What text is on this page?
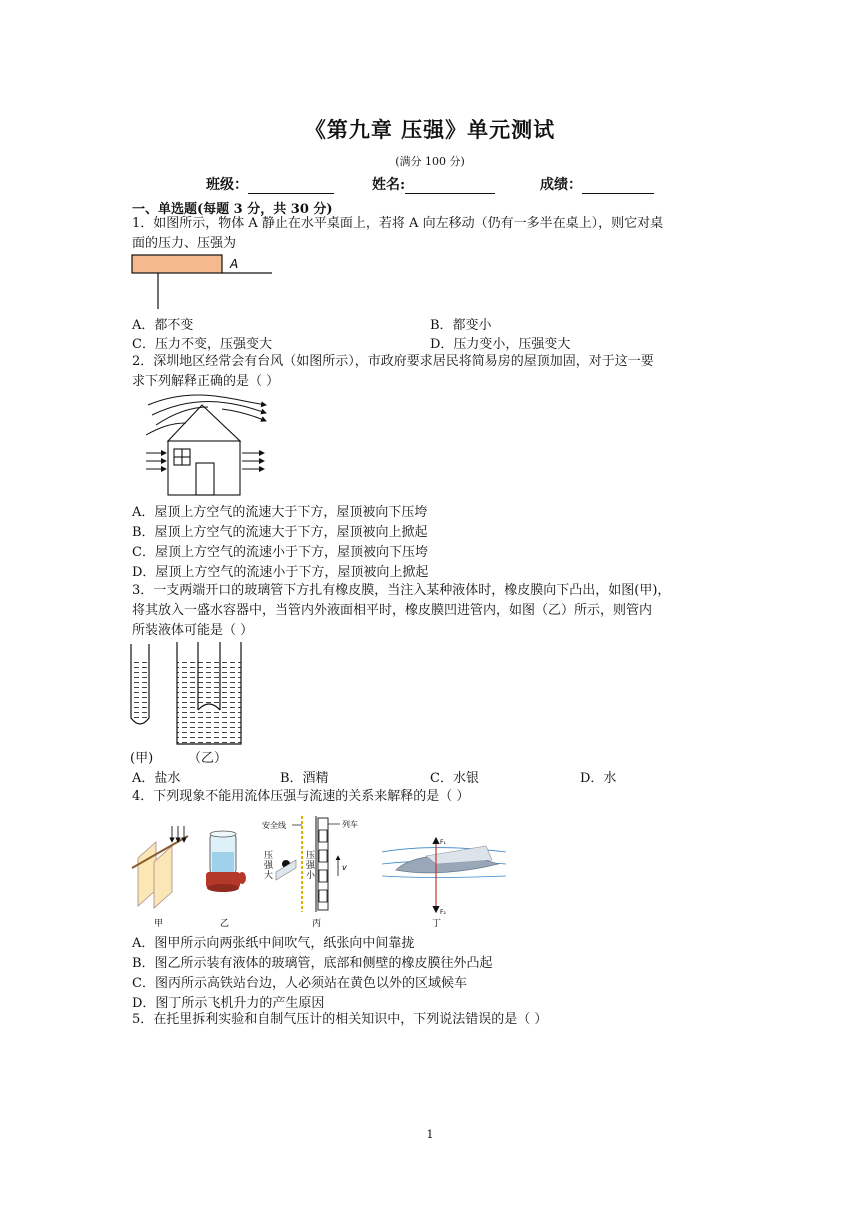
《第九章 压强》单元测试
(满分 100 分)
班级：	姓名:	成绩：
一、单选题(每题 3 分，共 30 分)
1．如图所示，物体 A 静止在水平桌面上，若将 A 向左移动（仍有一多半在桌上），则它对桌
面的压力、压强为
A
A．都不变	B．都变小
C．压力不变，压强变大	D．压力变小，压强变大
2．深圳地区经常会有台风（如图所示），市政府要求居民将简易房的屋顶加固，对于这一要
求下列解释正确的是（ ）
A．屋顶上方空气的流速大于下方，屋顶被向下压垮
B．屋顶上方空气的流速大于下方，屋顶被向上掀起
C．屋顶上方空气的流速小于下方，屋顶被向下压垮
D．屋顶上方空气的流速小于下方，屋顶被向上掀起
3．一支两端开口的玻璃管下方扎有橡皮膜，当注入某种液体时，橡皮膜向下凸出，如图(甲)，
将其放入一盛水容器中，当管内外液面相平时，橡皮膜凹进管内，如图（乙）所示，则管内
所装液体可能是（ ）
(甲)	（乙）
A．盐水	B．酒精	C．水银	D．水
4．下列现象不能用流体压强与流速的关系来解释的是（ ）
安全线	列车
压
强
大
压
强
小
v
F₁
F₂
甲	乙	丙	丁
A．图甲所示向两张纸中间吹气，纸张向中间靠拢
B．图乙所示装有液体的玻璃管，底部和侧壁的橡皮膜往外凸起
C．图丙所示高铁站台边，人必须站在黄色以外的区域候车
D．图丁所示飞机升力的产生原因
5．在托里拆利实验和自制气压计的相关知识中，下列说法错误的是（ ）
1
